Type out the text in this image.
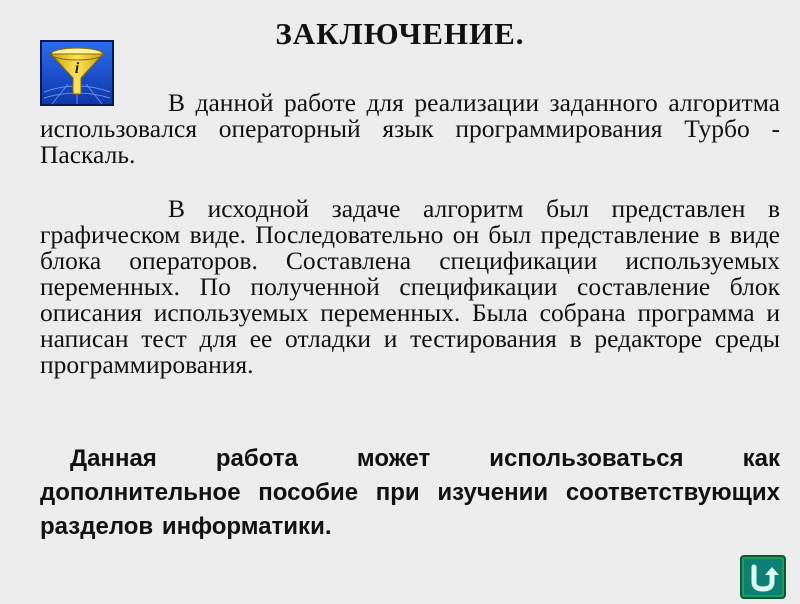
ЗАКЛЮЧЕНИЕ.
i
В данной работе для реализации заданного алгоритма использовался операторный язык программирования Турбо - Паскаль.
В исходной задаче алгоритм был представлен в графическом виде. Последовательно он был представление в виде блока операторов. Составлена спецификации используемых переменных. По полученной спецификации составление блок описания используемых переменных. Была собрана программа и написан тест для ее отладки и тестирования в редакторе среды программирования.
Данная работа может использоваться как дополнительное пособие при изучении соответствующих разделов информатики.
